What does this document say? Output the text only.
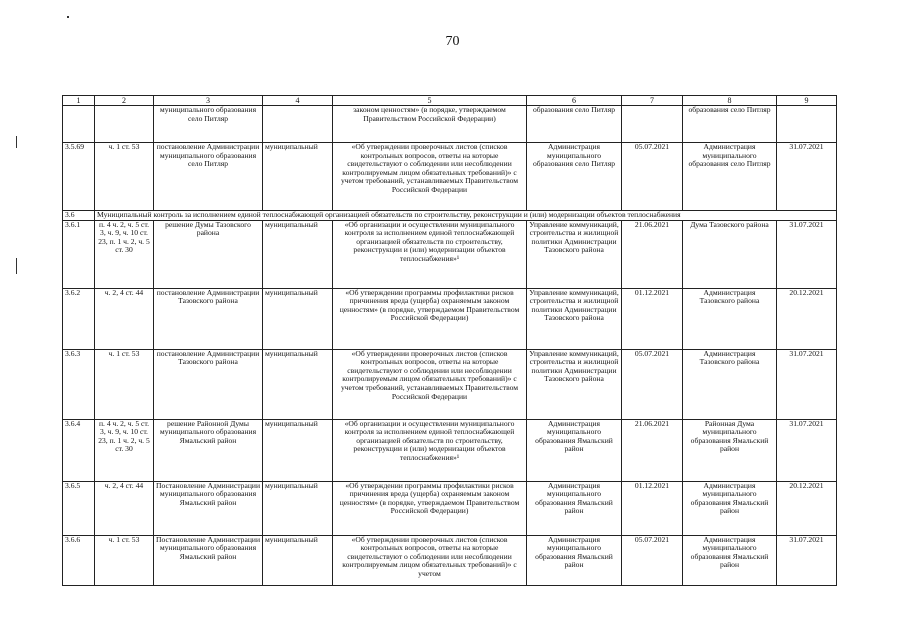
70
1	2	3	4	5	6	7	8	9
		муниципального образования село Питляр		законом ценностям» (в порядке, утверждаемом Правительством Российской Федерации)	образования село Питляр		образования село Питляр	
3.5.69	ч. 1 ст. 53	постановление Администрации муниципального образования село Питляр	муниципальный	«Об утверждении проверочных листов (списков контрольных вопросов, ответы на которые свидетельствуют о соблюдении или несоблюдении контролируемым лицом обязательных требований)» с учетом требований, устанавливаемых Правительством Российской Федерации	Администрация муниципального образования село Питляр	05.07.2021	Администрация муниципального образования село Питляр	31.07.2021
3.6	Муниципальный контроль за исполнением единой теплоснабжающей организацией обязательств по строительству, реконструкции и (или) модернизации объектов теплоснабжения							
3.6.1	п. 4 ч. 2, ч. 5 ст. 3, ч. 9, ч. 10 ст. 23, п. 1 ч. 2, ч. 5 ст. 30	решение Думы Тазовского района	муниципальный	«Об организации и осуществлении муниципального контроля за исполнением единой теплоснабжающей организацией обязательств по строительству, реконструкции и (или) модернизации объектов теплоснабжения»¹	Управление коммуникаций, строительства и жилищной политики Администрации Тазовского района	21.06.2021	Дума Тазовского района	31.07.2021
3.6.2	ч. 2, 4 ст. 44	постановление Администрации Тазовского района	муниципальный	«Об утверждении программы профилактики рисков причинения вреда (ущерба) охраняемым законом ценностям» (в порядке, утверждаемом Правительством Российской Федерации)	Управление коммуникаций, строительства и жилищной политики Администрации Тазовского района	01.12.2021	Администрация Тазовского района	20.12.2021
3.6.3	ч. 1 ст. 53	постановление Администрации Тазовского района	муниципальный	«Об утверждении проверочных листов (списков контрольных вопросов, ответы на которые свидетельствуют о соблюдении или несоблюдении контролируемым лицом обязательных требований)» с учетом требований, устанавливаемых Правительством Российской Федерации	Управление коммуникаций, строительства и жилищной политики Администрации Тазовского района	05.07.2021	Администрация Тазовского района	31.07.2021
3.6.4	п. 4 ч. 2, ч. 5 ст. 3, ч. 9, ч. 10 ст. 23, п. 1 ч. 2, ч. 5 ст. 30	решение Районной Думы муниципального образования Ямальский район	муниципальный	«Об организации и осуществлении муниципального контроля за исполнением единой теплоснабжающей организацией обязательств по строительству, реконструкции и (или) модернизации объектов теплоснабжения»¹	Администрация муниципального образования Ямальский район	21.06.2021	Районная Дума муниципального образования Ямальский район	31.07.2021
3.6.5	ч. 2, 4 ст. 44	Постановление Администрации муниципального образования Ямальский район	муниципальный	«Об утверждении программы профилактики рисков причинения вреда (ущерба) охраняемым законом ценностям» (в порядке, утверждаемом Правительством Российской Федерации)	Администрация муниципального образования Ямальский район	01.12.2021	Администрация муниципального образования Ямальский район	20.12.2021
3.6.6	ч. 1 ст. 53	Постановление Администрации муниципального образования Ямальский район	муниципальный	«Об утверждении проверочных листов (списков контрольных вопросов, ответы на которые свидетельствуют о соблюдении или несоблюдении контролируемым лицом обязательных требований)» с учетом	Администрация муниципального образования Ямальский район	05.07.2021	Администрация муниципального образования Ямальский район	31.07.2021
